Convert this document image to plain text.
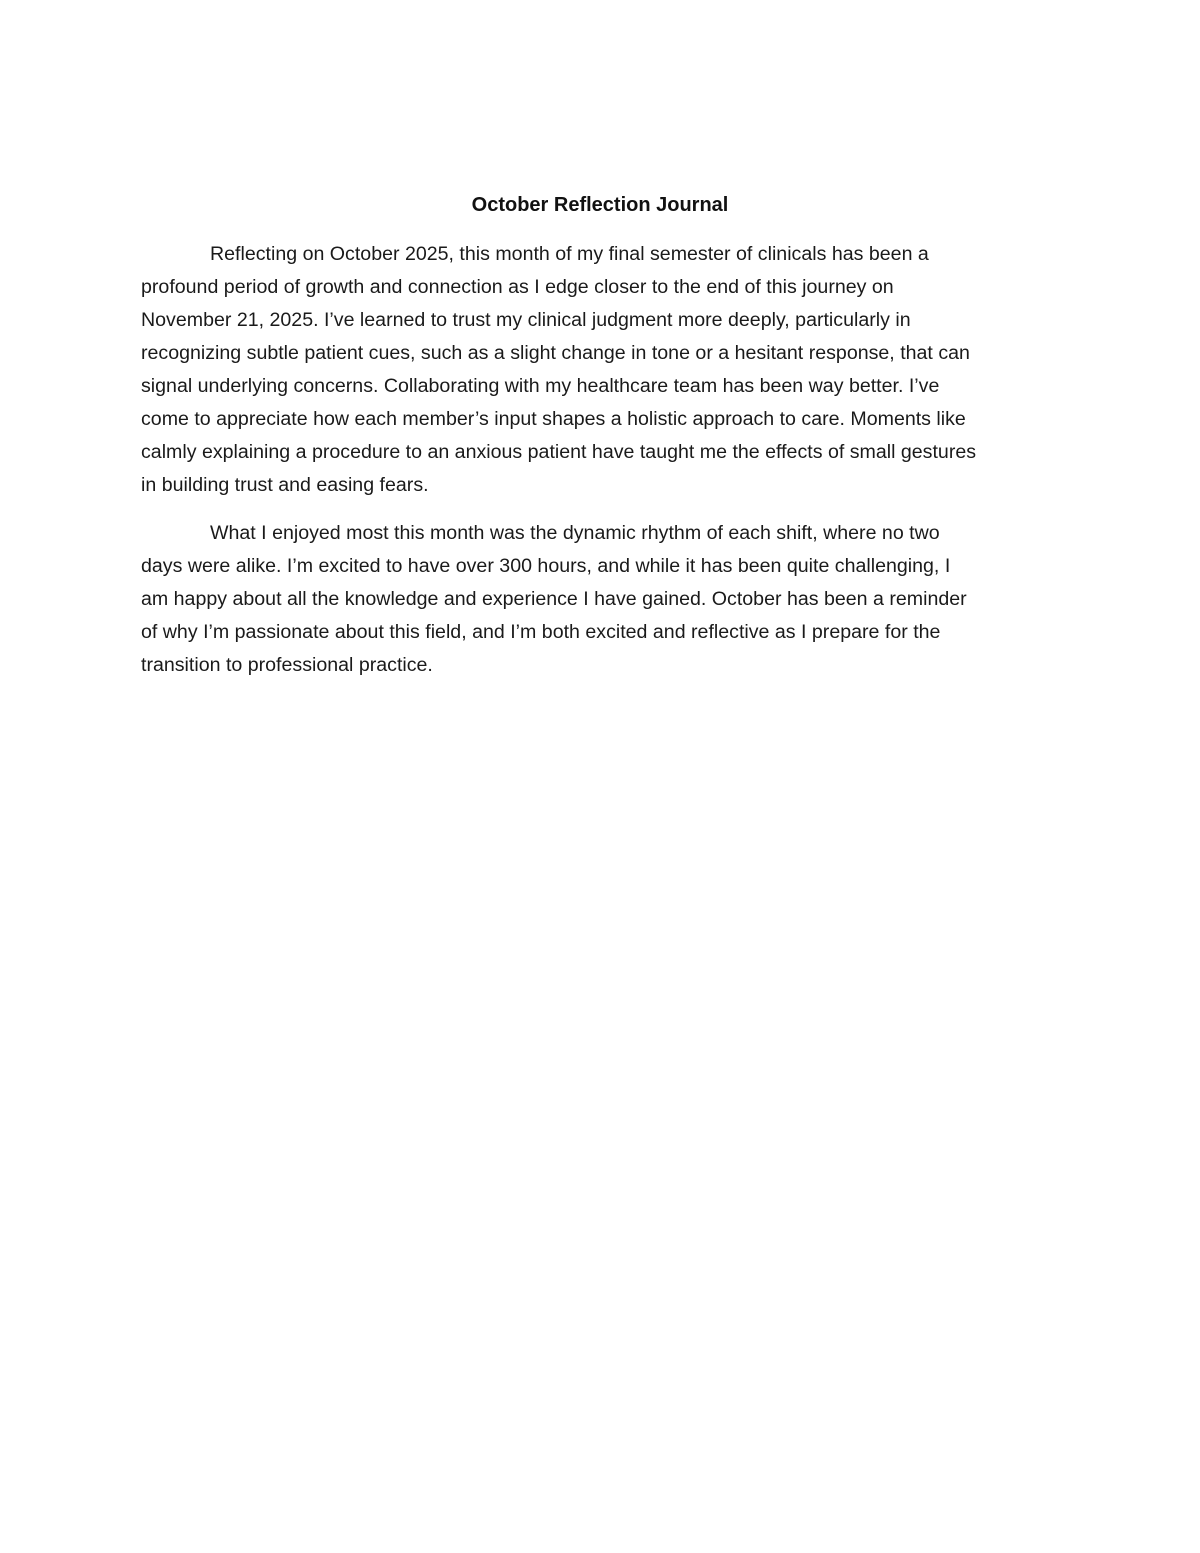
October Reflection Journal
Reflecting on October 2025, this month of my final semester of clinicals has been a
profound period of growth and connection as I edge closer to the end of this journey on
November 21, 2025. I’ve learned to trust my clinical judgment more deeply, particularly in
recognizing subtle patient cues, such as a slight change in tone or a hesitant response, that can
signal underlying concerns. Collaborating with my healthcare team has been way better. I’ve
come to appreciate how each member’s input shapes a holistic approach to care. Moments like
calmly explaining a procedure to an anxious patient have taught me the effects of small gestures
in building trust and easing fears.
What I enjoyed most this month was the dynamic rhythm of each shift, where no two
days were alike. I’m excited to have over 300 hours, and while it has been quite challenging, I
am happy about all the knowledge and experience I have gained. October has been a reminder
of why I’m passionate about this field, and I’m both excited and reflective as I prepare for the
transition to professional practice.
